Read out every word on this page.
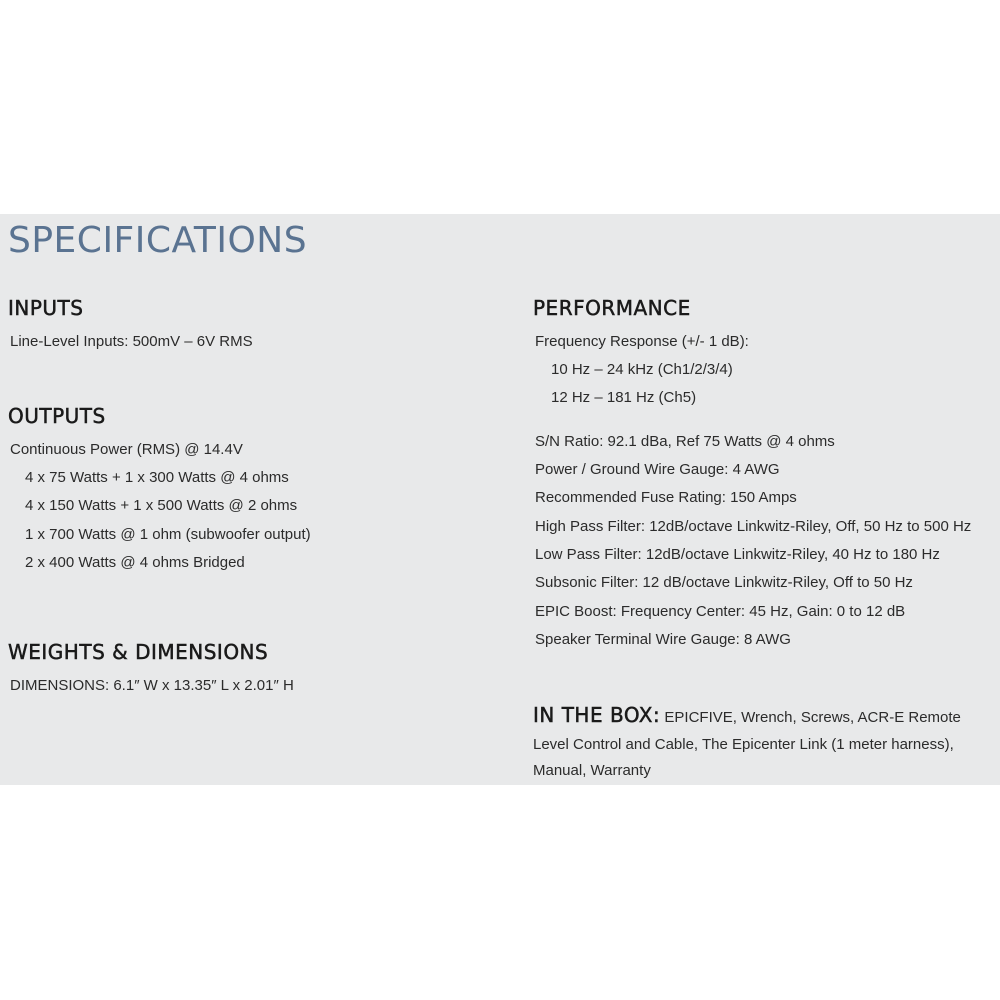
SPECIFICATIONS
INPUTS

Line-Level Inputs: 500mV – 6V RMS

OUTPUTS

Continuous Power (RMS) @ 14.4V

4 x 75 Watts + 1 x 300 Watts @ 4 ohms

4 x 150 Watts + 1 x 500 Watts @ 2 ohms

1 x 700 Watts @ 1 ohm (subwoofer output)

2 x 400 Watts @ 4 ohms Bridged

WEIGHTS & DIMENSIONS

DIMENSIONS: 6.1″ W x 13.35″ L x 2.01″ H

PERFORMANCE

Frequency Response (+/- 1 dB):

10 Hz – 24 kHz (Ch1/2/3/4)

12 Hz – 181 Hz (Ch5)

S/N Ratio: 92.1 dBa, Ref 75 Watts @ 4 ohms

Power / Ground Wire Gauge: 4 AWG

Recommended Fuse Rating: 150 Amps

High Pass Filter: 12dB/octave Linkwitz-Riley, Off, 50 Hz to 500 Hz

Low Pass Filter: 12dB/octave Linkwitz-Riley, 40 Hz to 180 Hz

Subsonic Filter: 12 dB/octave Linkwitz-Riley, Off to 50 Hz

EPIC Boost: Frequency Center: 45 Hz, Gain: 0 to 12 dB

Speaker Terminal Wire Gauge: 8 AWG

IN THE BOX: EPICFIVE, Wrench, Screws, ACR-E Remote Level Control and Cable, The Epicenter Link (1 meter harness), Manual, Warranty
